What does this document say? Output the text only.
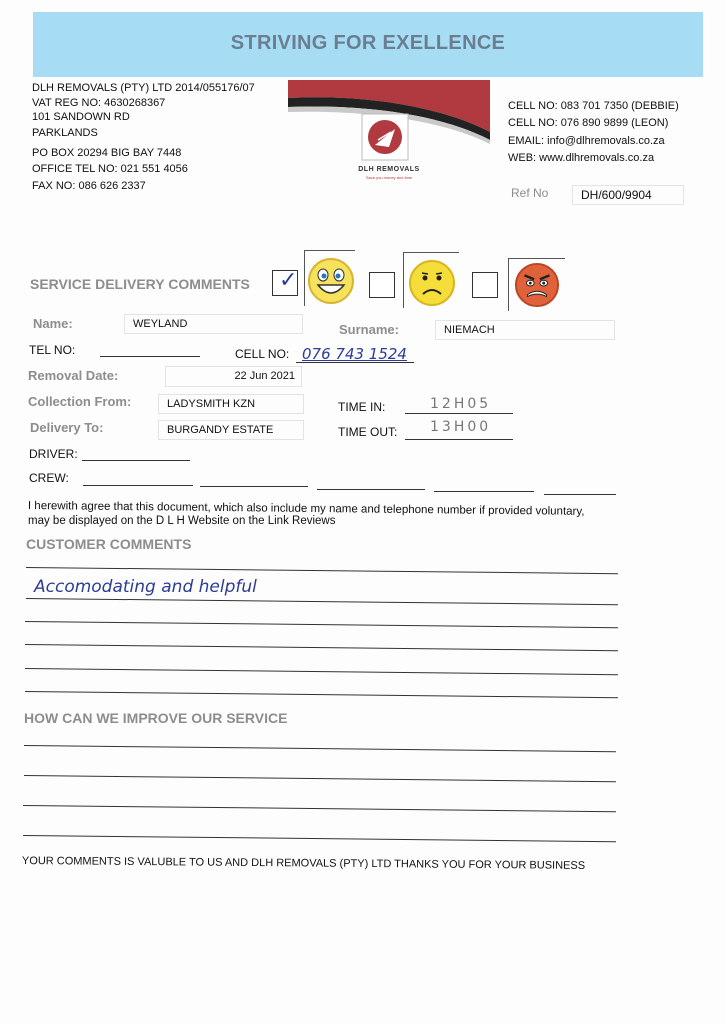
STRIVING FOR EXELLENCE
DLH REMOVALS (PTY) LTD 2014/055176/07
VAT REG NO: 4630268367
101 SANDOWN RD
PARKLANDS
PO BOX 20294 BIG BAY 7448
OFFICE TEL NO: 021 551 4056
FAX NO: 086 626 2337
DLH REMOVALS
Save you money and time
CELL NO: 083 701 7350 (DEBBIE)
CELL NO: 076 890 9899 (LEON)
EMAIL: info@dlhremovals.co.za
WEB: www.dlhremovals.co.za
Ref No	DH/600/9904
SERVICE DELIVERY COMMENTS ✓
Name:	WEYLAND	Surname:	NIEMACH
TEL NO:	CELL NO: 076 743 1524
Removal Date:	22 Jun 2021
Collection From:	LADYSMITH KZN	TIME IN:	12H05
Delivery To:	BURGANDY ESTATE	TIME OUT: 13H00
DRIVER:
CREW:
I herewith agree that this document, which also include my name and telephone number if provided voluntary,
may be displayed on the D L H Website on the Link Reviews
CUSTOMER COMMENTS
Accomodating and helpful
HOW CAN WE IMPROVE OUR SERVICE
YOUR COMMENTS IS VALUBLE TO US AND DLH REMOVALS (PTY) LTD THANKS YOU FOR YOUR BUSINESS
